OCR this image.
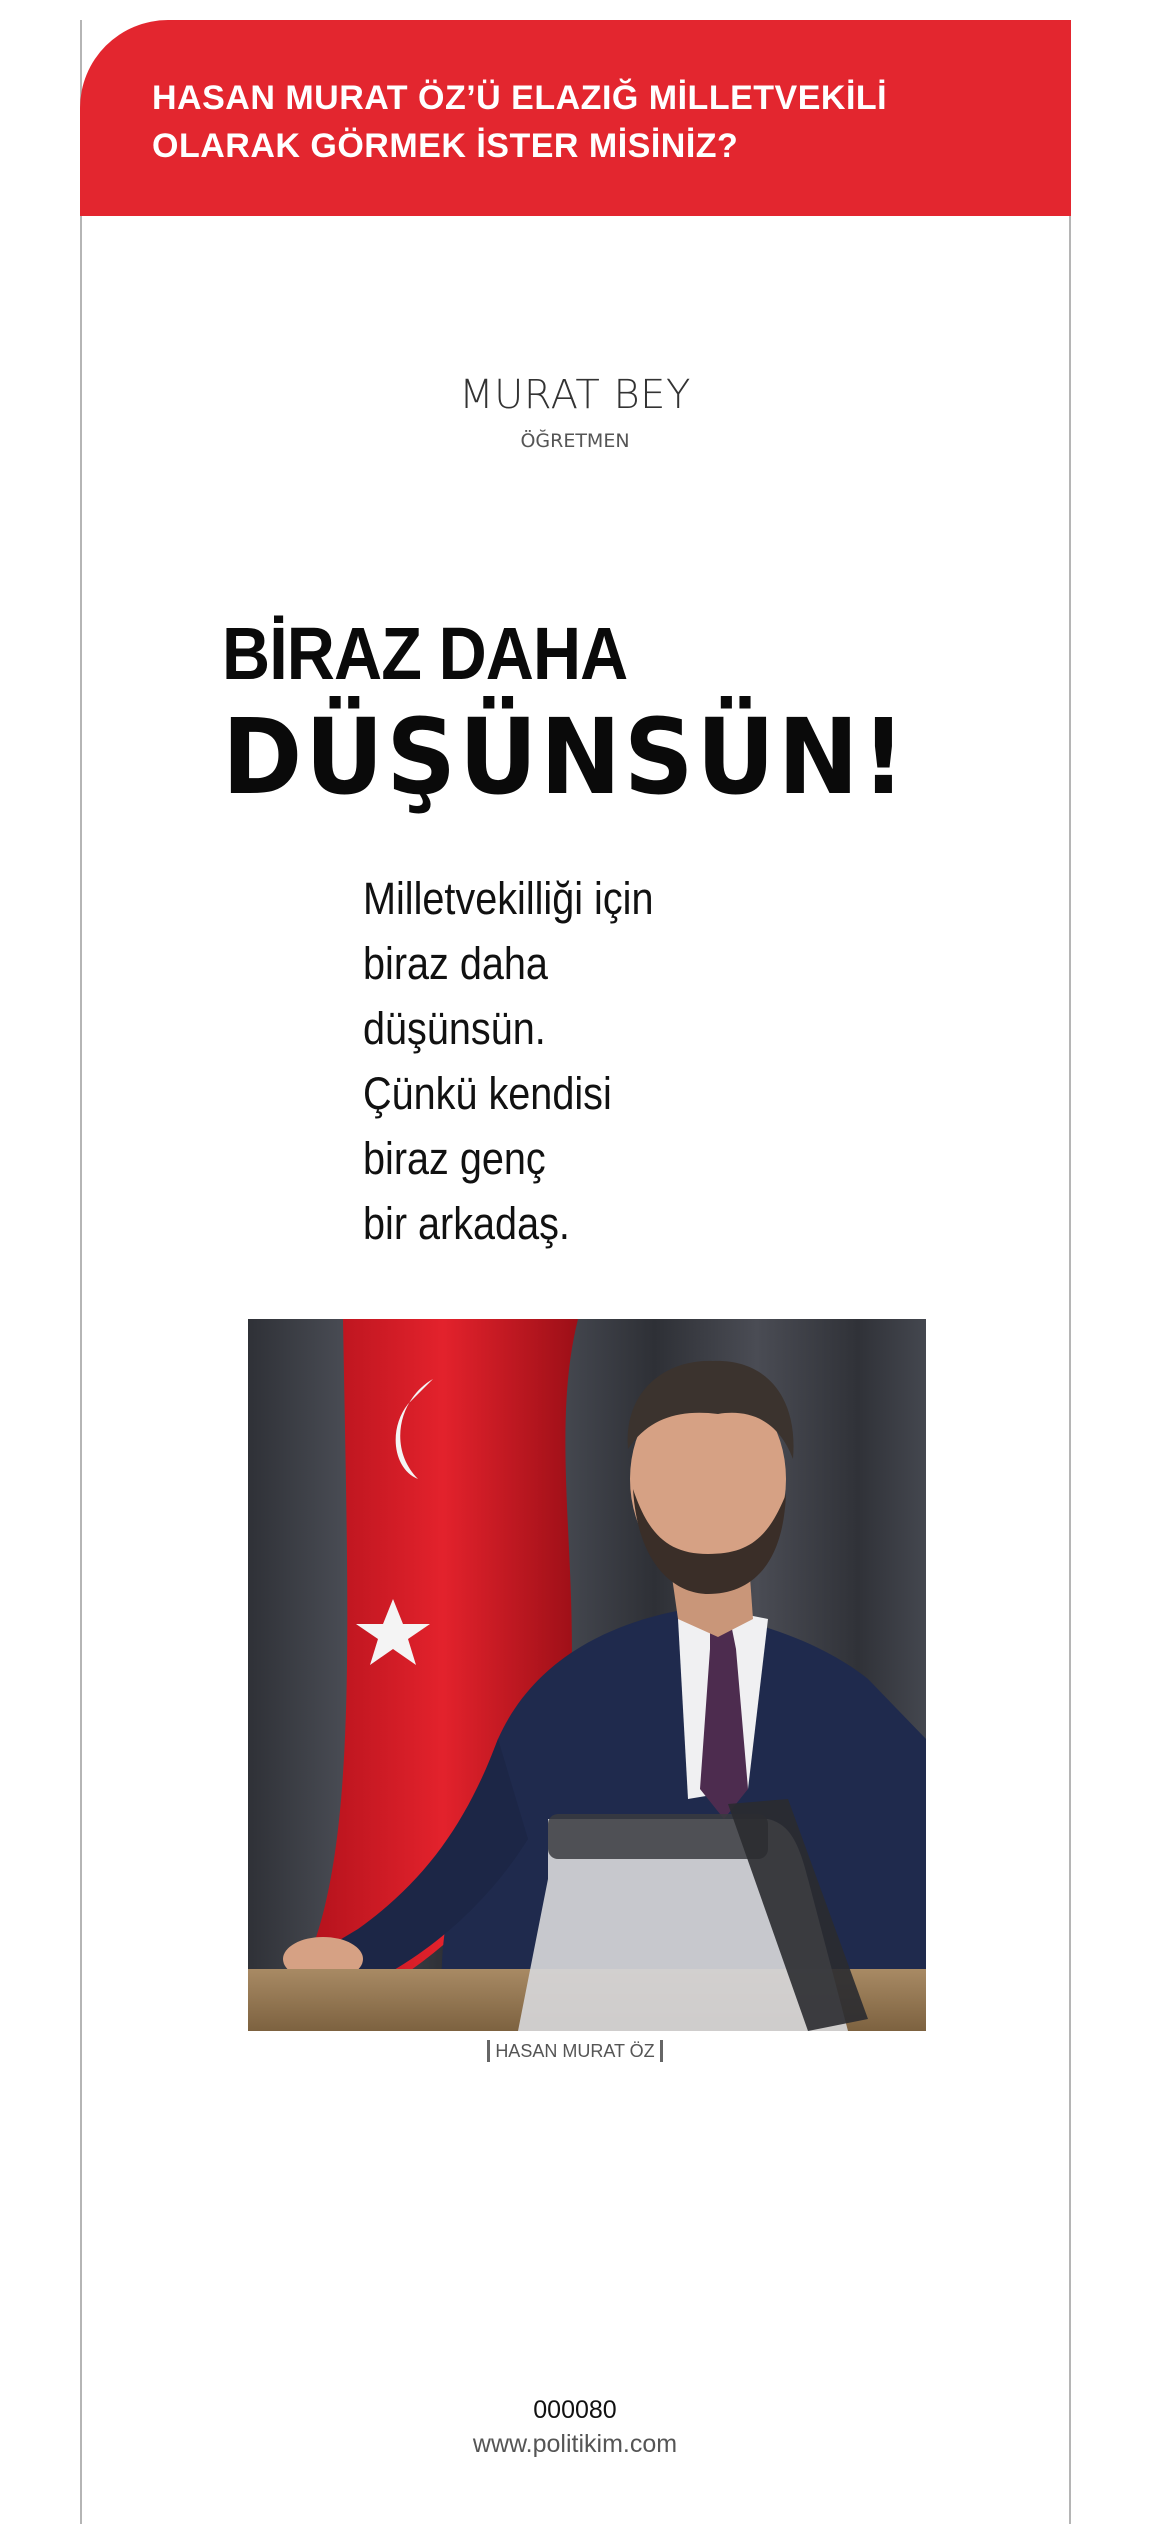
HASAN MURAT ÖZ’Ü ELAZIĞ MİLLETVEKİLİ
OLARAK GÖRMEK İSTER MİSİNİZ?
MURAT BEY
ÖĞRETMEN
BİRAZ DAHA
DÜŞÜNSÜN!
Milletvekilliği için
biraz daha
düşünsün.
Çünkü kendisi
biraz genç
bir arkadaş.
HASAN MURAT ÖZ
000080
www.politikim.com
